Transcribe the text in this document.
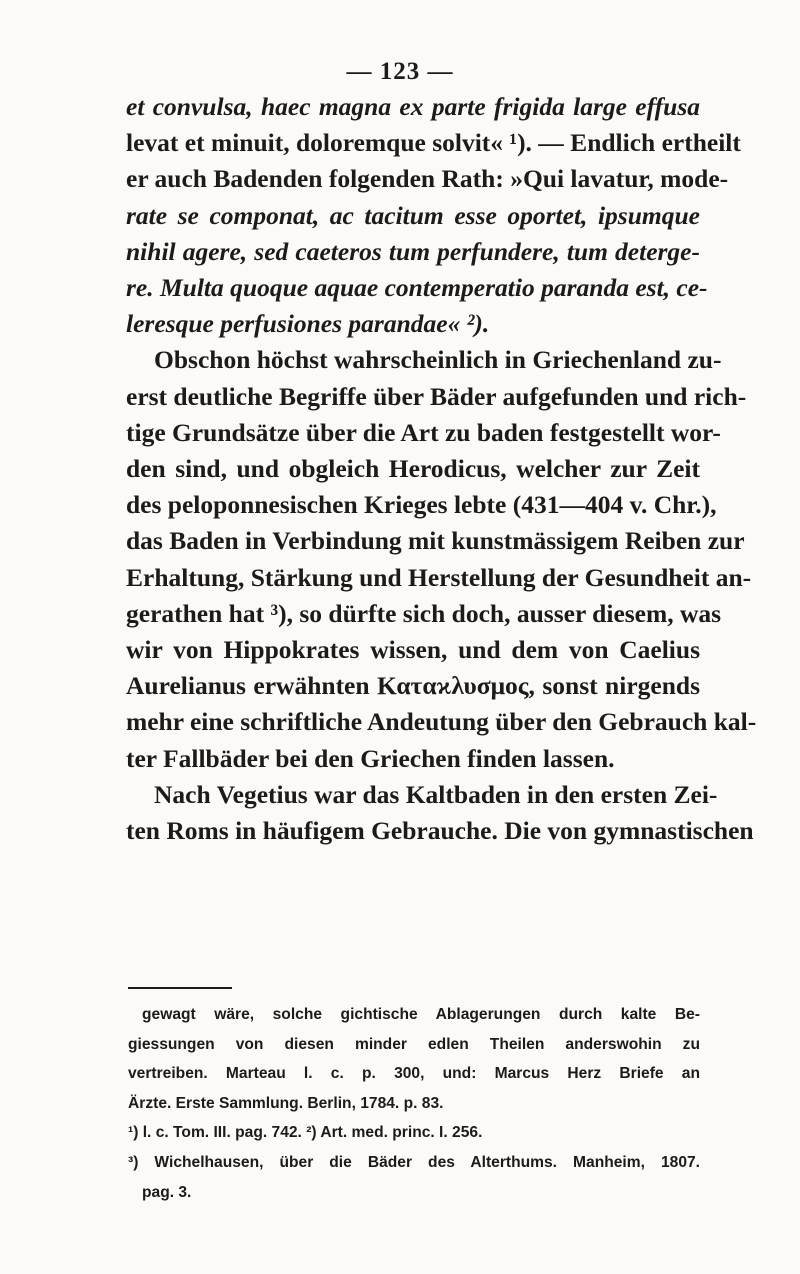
— 123 —
et convulsa, haec magna ex parte frigida large effusa
levat et minuit, doloremque solvit« ¹). — Endlich ertheilt
er auch Badenden folgenden Rath: »Qui lavatur, mode-
rate se componat, ac tacitum esse oportet, ipsumque
nihil agere, sed caeteros tum perfundere, tum deterge-
re. Multa quoque aquae contemperatio paranda est, ce-
leresque perfusiones parandae« ²).
Obschon höchst wahrscheinlich in Griechenland zu-
erst deutliche Begriffe über Bäder aufgefunden und rich-
tige Grundsätze über die Art zu baden festgestellt wor-
den sind, und obgleich Herodicus, welcher zur Zeit
des peloponnesischen Krieges lebte (431—404 v. Chr.),
das Baden in Verbindung mit kunstmässigem Reiben zur
Erhaltung, Stärkung und Herstellung der Gesundheit an-
gerathen hat ³), so dürfte sich doch, ausser diesem, was
wir von Hippokrates wissen, und dem von Caelius
Aurelianus erwähnten Καταϰλυσμος, sonst nirgends
mehr eine schriftliche Andeutung über den Gebrauch kal-
ter Fallbäder bei den Griechen finden lassen.
Nach Vegetius war das Kaltbaden in den ersten Zei-
ten Roms in häufigem Gebrauche. Die von gymnastischen
gewagt wäre, solche gichtische Ablagerungen durch kalte Be-
giessungen von diesen minder edlen Theilen anderswohin zu
vertreiben. Marteau l. c. p. 300, und: Marcus Herz Briefe an
Ärzte. Erste Sammlung. Berlin, 1784. p. 83.
¹) l. c. Tom. III. pag. 742. ²) Art. med. princ. I. 256.
³) Wichelhausen, über die Bäder des Alterthums. Manheim, 1807.
pag. 3.
